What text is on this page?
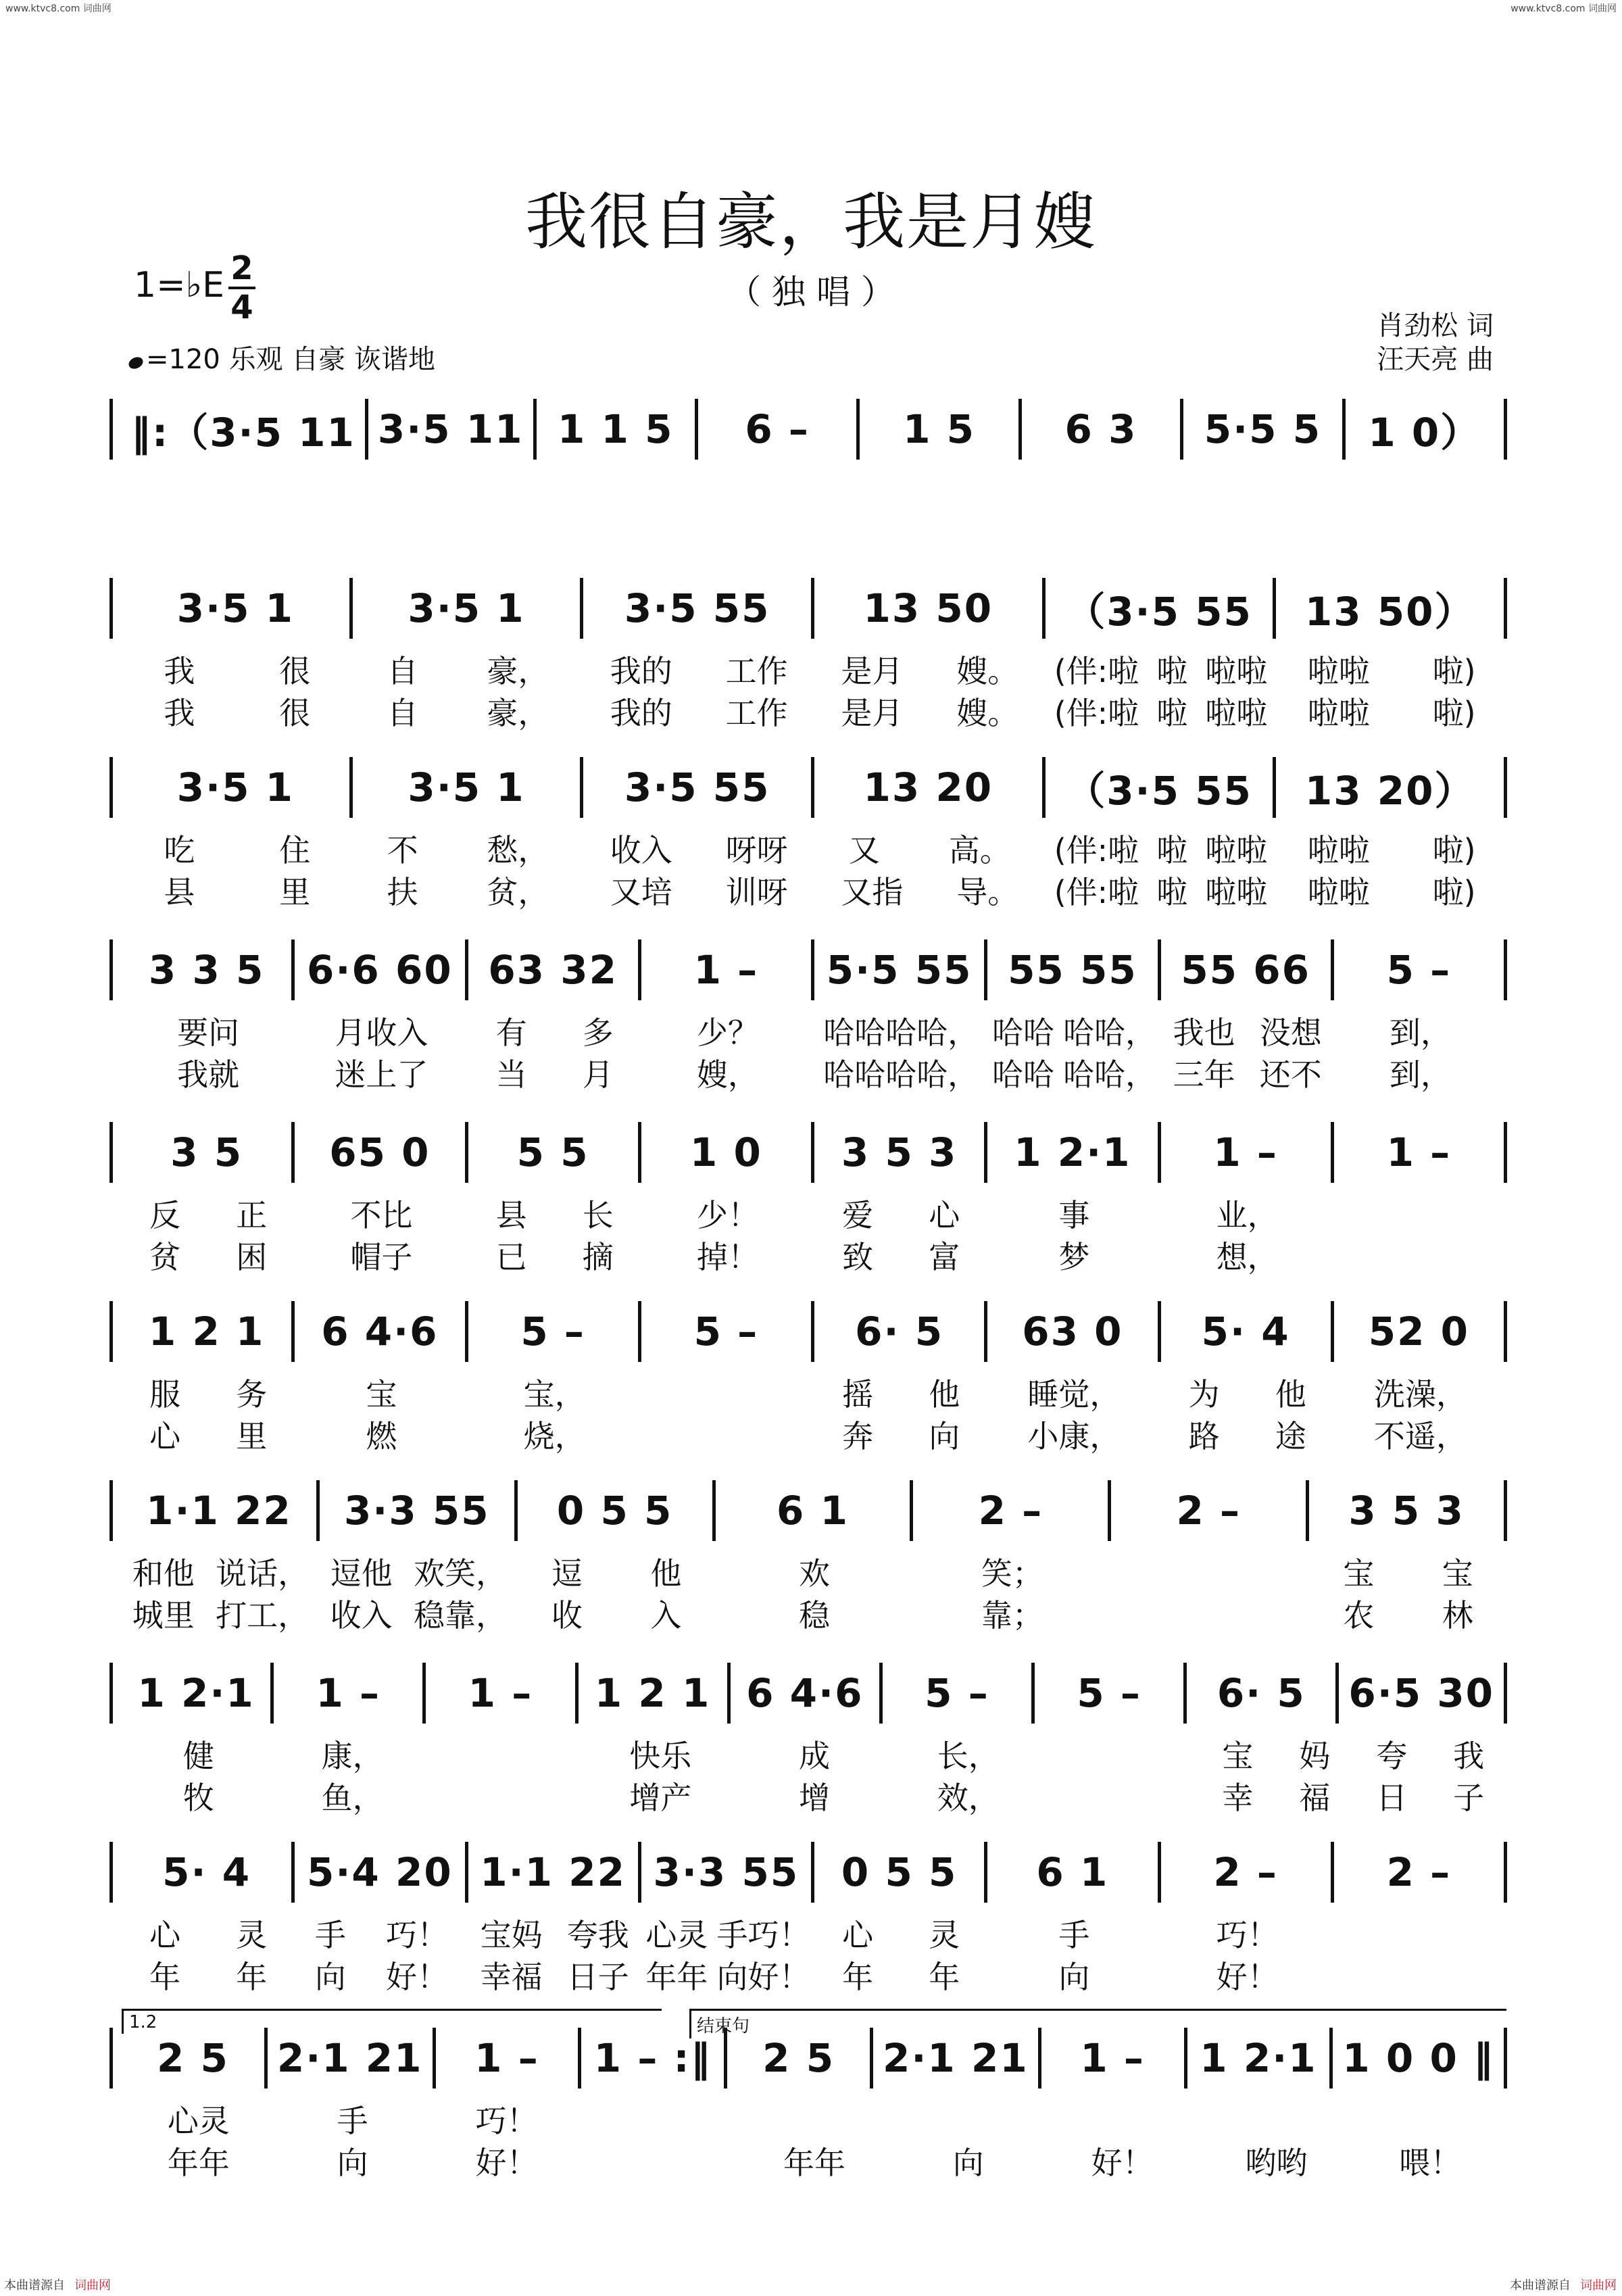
www.ktvc8.com 词曲网	www.ktvc8.com 词曲网
我很自豪，我是月嫂
（ 独 唱 ）
1=♭E 2
4
=120 乐观 自豪 诙谐地
肖劲松 词
汪天亮 曲
‖:（3·5 11 3·5 11 1 1 5 6 – 1 5 6 3 5·5 5 1 0）
3·5 1	3·5 1	3·5 55 13 50 （3·5 55 13 50）
我	很 自 豪， 我的 工作 是月 嫂。 (伴:啦 啦 啦啦 啦啦 啦)
我	很 自 豪， 我的 工作 是月 嫂。 (伴:啦 啦 啦啦 啦啦 啦)
3·5 1	3·5 1	3·5 55 13 20 （3·5 55 13 20）
吃	住 不 愁， 收入 呀呀 又 高。 (伴:啦 啦 啦啦 啦啦 啦)
县	里 扶 贫， 又培 训呀 又指 导。 (伴:啦 啦 啦啦 啦啦 啦)
3 3 5 6·6 60 63 32 1 – 5·5 55 55 55 55 66 5 –
要问	月收入 有 多	少？ 哈哈哈哈， 哈哈 哈哈， 我也 没想 到，
我就	迷上了 当 月	嫂， 哈哈哈哈， 哈哈 哈哈， 三年 还不 到，
3 5 65 0 5 5	1 0 3 5 3 1 2·1 1 –	1 –
反 正	不比	县 长	少！	爱 心	事	业，
贫 困	帽子	已 摘	掉！	致 富	梦	想，
1 2 1 6 4·6 5 –	5 – 6· 5 63 0 5· 4 52 0
服 务	宝	宝，	摇 他 睡觉， 为 他 洗澡，
心 里	燃	烧，	奔 向 小康， 路 途 不遥，
1·1 22 3·3 55 0 5 5	6 1	2 –	2 –	3 5 3
和他 说话， 逗他 欢笑， 逗 他	欢	笑；	宝 宝
城里 打工， 收入 稳靠， 收 入	稳	靠；	农 林
1 2·1 1 – 1 – 1 2 1 6 4·6 5 – 5 – 6· 5 6·5 30
健	康，	快乐	成	长，	宝 妈 夸 我
牧	鱼，	增产	增	效，	幸 福 日 子
5· 4 5·4 20 1·1 22 3·3 55 0 5 5 6 1	2 –	2 –
心 灵 手 巧！ 宝妈 夸我 心灵 手巧！ 心 灵	手	巧！
年 年 向 好！ 幸福 日子 年年 向好！ 年 年	向	好！
1.2	结束句
2 5 2·1 21 1 – 1 – :‖ 2 5 2·1 21 1 – 1 2·1 1 0 0 ‖
心灵	手	巧！
年年	向	好！	年年	向	好！	哟哟	喂！
本曲谱源自 词曲网	本曲谱源自 词曲网
